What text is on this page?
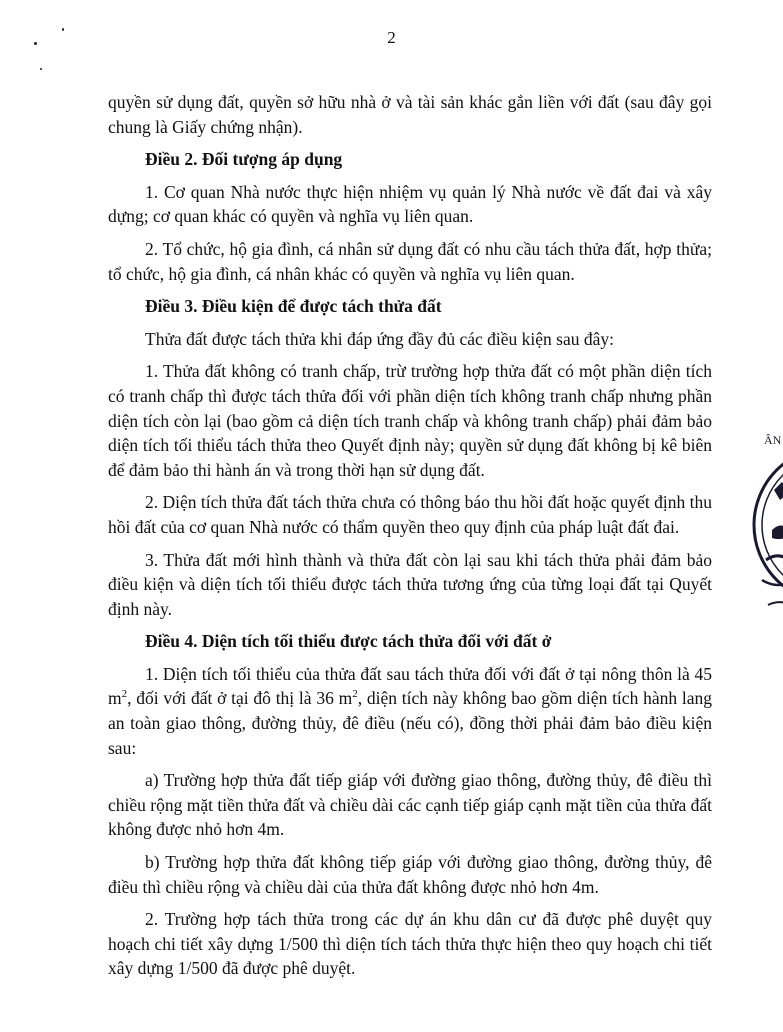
2

quyền sử dụng đất, quyền sở hữu nhà ở và tài sản khác gắn liền với đất (sau đây gọi chung là Giấy chứng nhận).

Điều 2. Đối tượng áp dụng

1. Cơ quan Nhà nước thực hiện nhiệm vụ quản lý Nhà nước về đất đai và xây dựng; cơ quan khác có quyền và nghĩa vụ liên quan.

2. Tổ chức, hộ gia đình, cá nhân sử dụng đất có nhu cầu tách thửa đất, hợp thửa; tổ chức, hộ gia đình, cá nhân khác có quyền và nghĩa vụ liên quan.

Điều 3. Điều kiện để được tách thửa đất

Thửa đất được tách thửa khi đáp ứng đầy đủ các điều kiện sau đây:

1. Thửa đất không có tranh chấp, trừ trường hợp thửa đất có một phần diện tích có tranh chấp thì được tách thửa đối với phần diện tích không tranh chấp nhưng phần diện tích còn lại (bao gồm cả diện tích tranh chấp và không tranh chấp) phải đảm bảo diện tích tối thiểu tách thửa theo Quyết định này; quyền sử dụng đất không bị kê biên để đảm bảo thi hành án và trong thời hạn sử dụng đất.

2. Diện tích thửa đất tách thửa chưa có thông báo thu hồi đất hoặc quyết định thu hồi đất của cơ quan Nhà nước có thẩm quyền theo quy định của pháp luật đất đai.

3. Thửa đất mới hình thành và thửa đất còn lại sau khi tách thửa phải đảm bảo điều kiện và diện tích tối thiểu được tách thửa tương ứng của từng loại đất tại Quyết định này.

Điều 4. Diện tích tối thiểu được tách thửa đối với đất ở

1. Diện tích tối thiểu của thửa đất sau tách thửa đối với đất ở tại nông thôn là 45 $m^2$, đối với đất ở tại đô thị là 36 $m^2$, diện tích này không bao gồm diện tích hành lang an toàn giao thông, đường thủy, đê điều (nếu có), đồng thời phải đảm bảo điều kiện sau:

a) Trường hợp thửa đất tiếp giáp với đường giao thông, đường thủy, đê điều thì chiều rộng mặt tiền thửa đất và chiều dài các cạnh tiếp giáp cạnh mặt tiền của thửa đất không được nhỏ hơn 4m.

b) Trường hợp thửa đất không tiếp giáp với đường giao thông, đường thủy, đê điều thì chiều rộng và chiều dài của thửa đất không được nhỏ hơn 4m.

2. Trường hợp tách thửa trong các dự án khu dân cư đã được phê duyệt quy hoạch chi tiết xây dựng 1/500 thì diện tích tách thửa thực hiện theo quy hoạch chi tiết xây dựng 1/500 đã được phê duyệt.

ÂN
